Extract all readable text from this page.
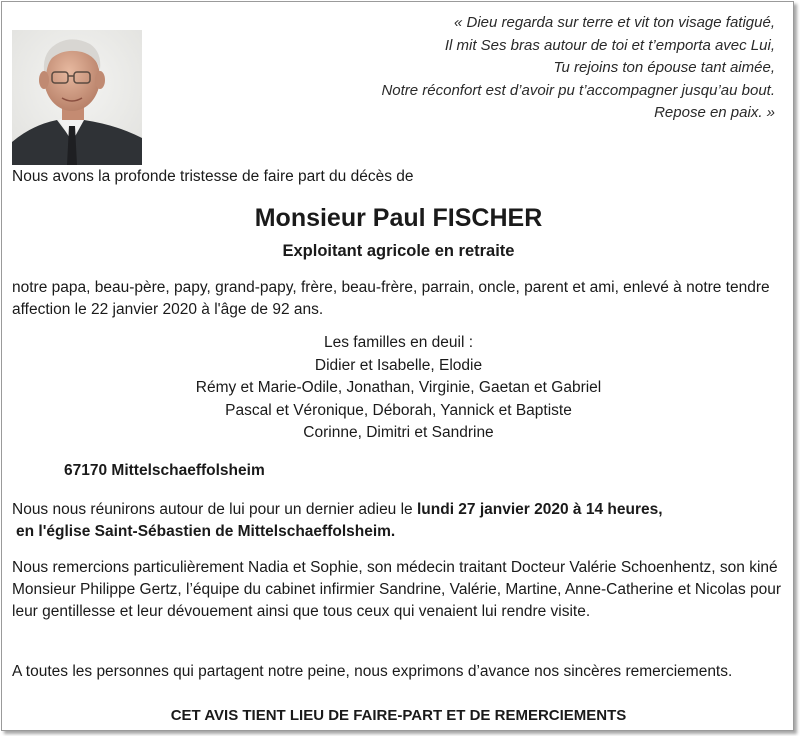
« Dieu regarda sur terre et vit ton visage fatigué,
Il mit Ses bras autour de toi et t’emporta avec Lui,
Tu rejoins ton épouse tant aimée,
Notre réconfort est d’avoir pu t’accompagner jusqu’au bout.
Repose en paix. »
Nous avons la profonde tristesse de faire part du décès de
Monsieur Paul FISCHER
Exploitant agricole en retraite
notre papa, beau-père, papy, grand-papy, frère, beau-frère, parrain, oncle, parent et ami, enlevé à notre tendre affection le 22 janvier 2020 à l'âge de 92 ans.
Les familles en deuil :
Didier et Isabelle, Elodie
Rémy et Marie-Odile, Jonathan, Virginie, Gaetan et Gabriel
Pascal et Véronique, Déborah, Yannick et Baptiste
Corinne, Dimitri et Sandrine
67170 Mittelschaeffolsheim
Nous nous réunirons autour de lui pour un dernier adieu le lundi 27 janvier 2020 à 14 heures,
en l'église Saint-Sébastien de Mittelschaeffolsheim.
Nous remercions particulièrement Nadia et Sophie, son médecin traitant Docteur Valérie Schoenhentz, son kiné Monsieur Philippe Gertz, l’équipe du cabinet infirmier Sandrine, Valérie, Martine, Anne-Catherine et Nicolas pour leur gentillesse et leur dévouement ainsi que tous ceux qui venaient lui rendre visite.
A toutes les personnes qui partagent notre peine, nous exprimons d’avance nos sincères remerciements.
CET AVIS TIENT LIEU DE FAIRE-PART ET DE REMERCIEMENTS
